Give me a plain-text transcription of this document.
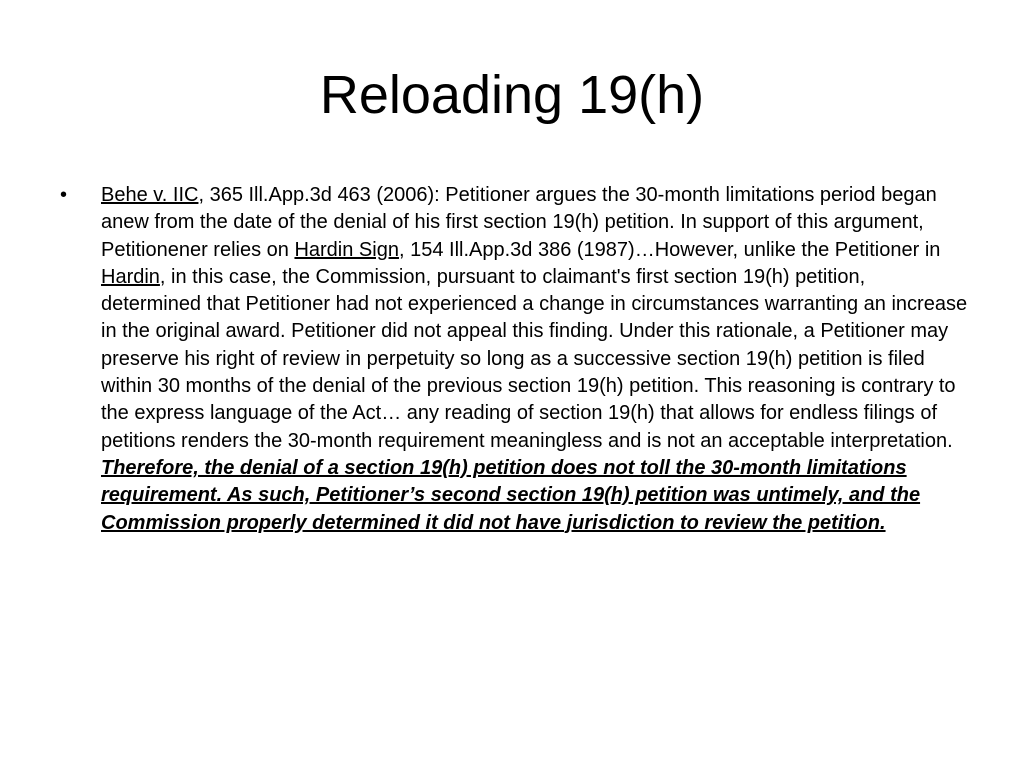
Reloading 19(h)

• Behe v. IIC, 365 Ill.App.3d 463 (2006): Petitioner argues the 30-month limitations period began anew from the date of the denial of his first section 19(h) petition. In support of this argument, Petitionener relies on Hardin Sign, 154 Ill.App.3d 386 (1987)…However, unlike the Petitioner in Hardin, in this case, the Commission, pursuant to claimant's first section 19(h) petition, determined that Petitioner had not experienced a change in circumstances warranting an increase in the original award. Petitioner did not appeal this finding. Under this rationale, a Petitioner may preserve his right of review in perpetuity so long as a successive section 19(h) petition is filed within 30 months of the denial of the previous section 19(h) petition. This reasoning is contrary to the express language of the Act… any reading of section 19(h) that allows for endless filings of petitions renders the 30-month requirement meaningless and is not an acceptable interpretation. Therefore, the denial of a section 19(h) petition does not toll the 30-month limitations requirement. As such, Petitioner’s second section 19(h) petition was untimely, and the Commission properly determined it did not have jurisdiction to review the petition.
